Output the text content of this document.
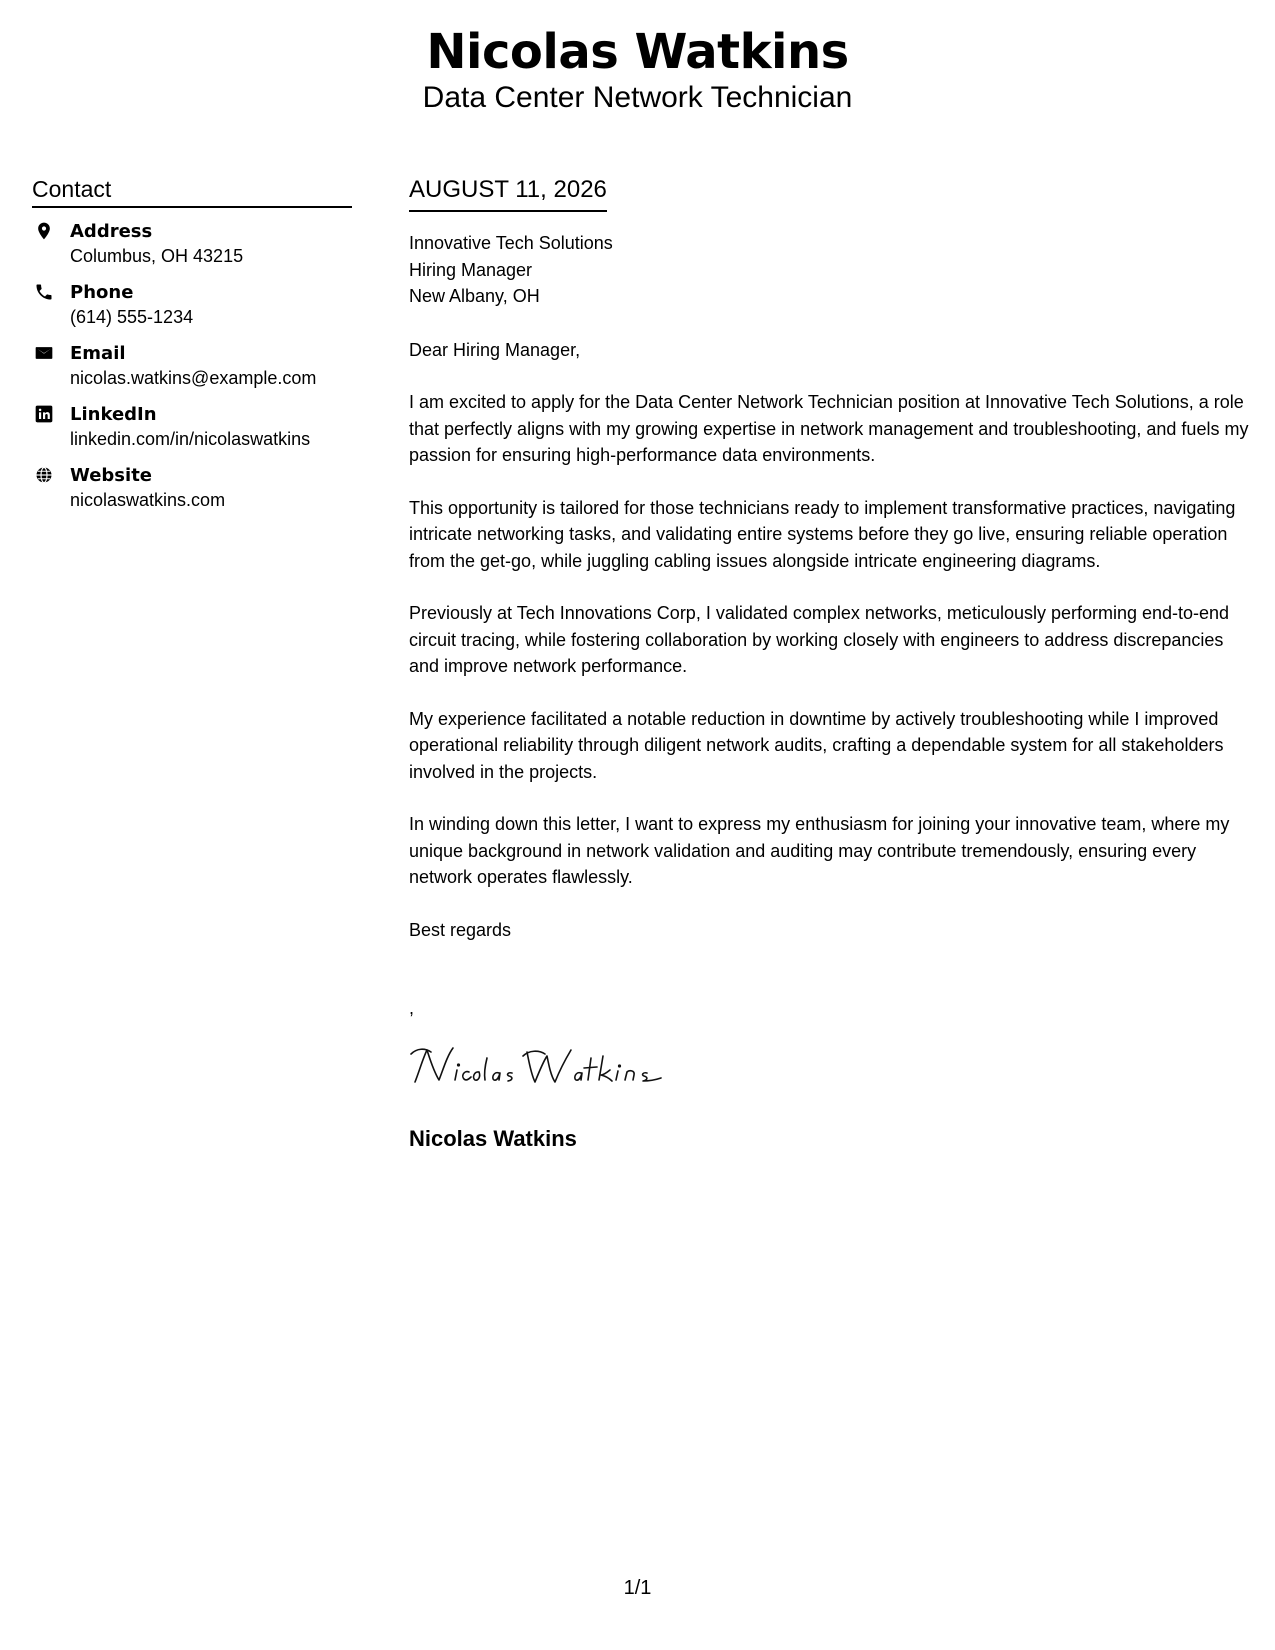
Nicolas Watkins
Data Center Network Technician
Contact
Address
Columbus, OH 43215
Phone
(614) 555-1234
Email
nicolas.watkins@example.com
LinkedIn
linkedin.com/in/nicolaswatkins
Website
nicolaswatkins.com
AUGUST 11, 2026
Innovative Tech Solutions
Hiring Manager
New Albany, OH
Dear Hiring Manager,
I am excited to apply for the Data Center Network Technician position at Innovative Tech Solutions, a role that perfectly aligns with my growing expertise in network management and troubleshooting, and fuels my passion for ensuring high-performance data environments.
This opportunity is tailored for those technicians ready to implement transformative practices, navigating intricate networking tasks, and validating entire systems before they go live, ensuring reliable operation from the get-go, while juggling cabling issues alongside intricate engineering diagrams.
Previously at Tech Innovations Corp, I validated complex networks, meticulously performing end-to-end circuit tracing, while fostering collaboration by working closely with engineers to address discrepancies and improve network performance.
My experience facilitated a notable reduction in downtime by actively troubleshooting while I improved operational reliability through diligent network audits, crafting a dependable system for all stakeholders involved in the projects.
In winding down this letter, I want to express my enthusiasm for joining your innovative team, where my unique background in network validation and auditing may contribute tremendously, ensuring every network operates flawlessly.
Best regards
,
Nicolas Watkins
1/1
